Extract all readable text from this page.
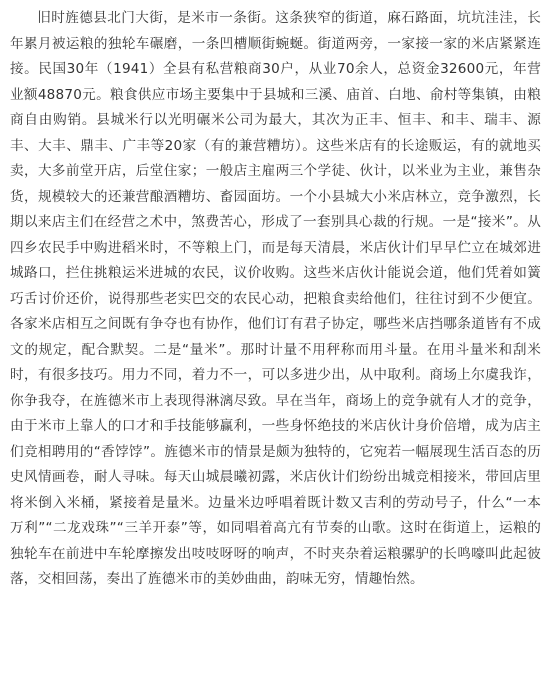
旧时旌德县北门大街，是米市一条街。这条狭窄的街道，麻石路面，坑坑洼洼，长年累月被运粮的独轮车碾磨，一条凹槽顺街蜿蜒。街道两旁，一家接一家的米店紧紧连接。民国30年（1941）全县有私营粮商30户，从业70余人，总资金32600元，年营业额48870元。粮食供应市场主要集中于县城和三溪、庙首、白地、俞村等集镇，由粮商自由购销。县城米行以光明碾米公司为最大，其次为正丰、恒丰、和丰、瑞丰、源丰、大丰、鼎丰、广丰等20家（有的兼营糟坊）。这些米店有的长途贩运，有的就地买卖，大多前堂开店，后堂住家；一般店主雇两三个学徒、伙计，以米业为主业，兼售杂货，规模较大的还兼营酿酒糟坊、畜园面坊。一个小县城大小米店林立，竞争激烈，长期以来店主们在经营之术中，煞费苦心，形成了一套别具心裁的行规。一是“接米”。从四乡农民手中购进稻米时，不等粮上门，而是每天清晨，米店伙计们早早伫立在城郊进城路口，拦住挑粮运米进城的农民，议价收购。这些米店伙计能说会道，他们凭着如簧巧舌讨价还价，说得那些老实巴交的农民心动，把粮食卖给他们，往往讨到不少便宜。各家米店相互之间既有争夺也有协作，他们订有君子协定，哪些米店挡哪条道皆有不成文的规定，配合默契。二是“量米”。那时计量不用秤称而用斗量。在用斗量米和刮米时，有很多技巧。用力不同，着力不一，可以多进少出，从中取利。商场上尔虞我诈，你争我夺，在旌德米市上表现得淋漓尽致。早在当年，商场上的竞争就有人才的竞争，由于米市上靠人的口才和手技能够赢利，一些身怀绝技的米店伙计身价倍增，成为店主们竞相聘用的“香饽饽”。旌德米市的情景是颇为独特的，它宛若一幅展现生活百态的历史风情画卷，耐人寻味。每天山城晨曦初露，米店伙计们纷纷出城竞相接米，带回店里将米倒入米桶，紧接着是量米。边量米边呼唱着既计数又吉利的劳动号子，什么“一本万利”“二龙戏珠”“三羊开泰”等，如同唱着高亢有节奏的山歌。这时在街道上，运粮的独轮车在前进中车轮摩擦发出吱吱呀呀的响声，不时夹杂着运粮骡驴的长鸣嚎叫此起彼落，交相回荡，奏出了旌德米市的美妙曲曲，韵味无穷，情趣怡然。
